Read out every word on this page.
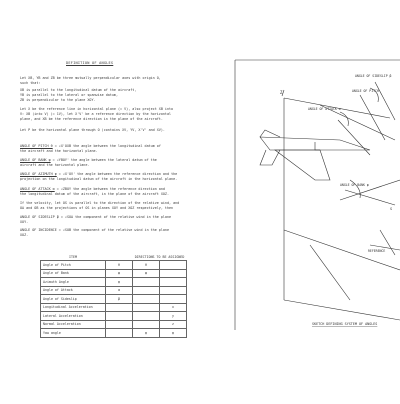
DEFINITION OF ANGLES
Let XB, YB and ZB be three mutually perpendicular axes with origin O,
such that:
XB is parallel to the longitudinal datum of the aircraft,
YB is parallel to the lateral or spanwise datum,
ZB is perpendicular to the plane XOY.
Let X be the reference line in horizontal plane (= V), also project XB into
V: XB (into V) (= 1V), let X'V' be a reference direction by the horizontal
plane, and XB be the reference direction in the plane of the aircraft.
Let P be the horizontal plane through O (contains XV, YV, X'V' and XV).
ANGLE OF PITCH θ = ∠X'OXB the angle between the longitudinal datum of
the aircraft and the horizontal plane.
ANGLE OF BANK φ = ∠YBOY' the angle between the lateral datum of the
aircraft and the horizontal plane.
ANGLE OF AZIMUTH ψ = ∠X'OV' the angle between the reference direction and the
projection on the longitudinal datum of the aircraft in the horizontal plane.
ANGLE OF ATTACK α = ∠ZBOY the angle between the reference direction and
the longitudinal datum of the aircraft, in the plane of the aircraft XOZ.
If the velocity, let OS is parallel to the direction of the relative wind, and
OA and OB as the projections of OS in planes XOY and XOZ respectively, then
ANGLE OF SIDESLIP β = ∠SOA the component of the relative wind in the plane
XOY.
ANGLE OF INCIDENCE = ∠SOB the component of the relative wind in the plane
XOZ.
ITEM		DIRECTIONS TO BE ASSIGNED	
Angle of Pitch	θ	θ	
Angle of Bank	φ	φ	
Azimuth Angle	ψ		
Angle of Attack	α		
Angle of Sideslip	β		
Longitudinal Acceleration			x
Lateral Acceleration			y
Normal Acceleration			z
Yaw angle		ψ	ψ
Z
ANGLE OF SIDESLIP β
ANGLE OF ATTACK α
ANGLE OF PITCH
ANGLE OF BANK φ
S
REFERENCE
SKETCH DEFINING SYSTEM OF ANGLES
